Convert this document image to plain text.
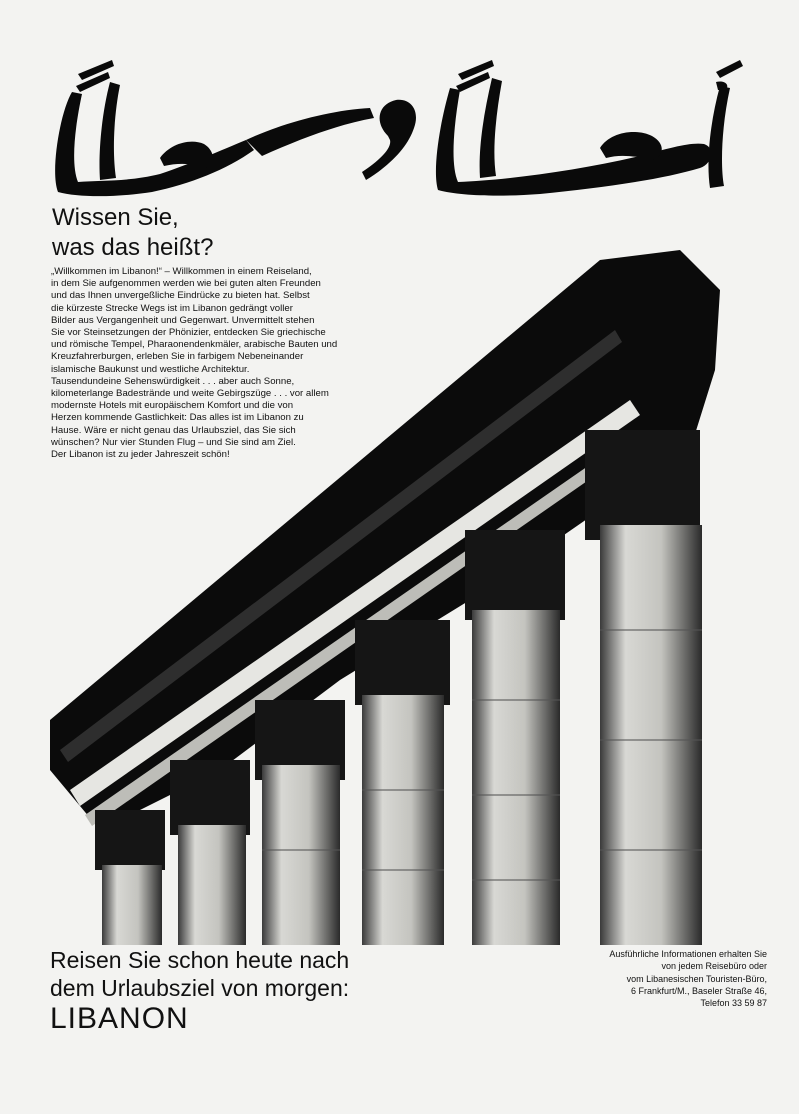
Wissen Sie,
was das heißt?
„Willkommen im Libanon!“ – Willkommen in einem Reiseland,
in dem Sie aufgenommen werden wie bei guten alten Freunden
und das Ihnen unvergeßliche Eindrücke zu bieten hat. Selbst
die kürzeste Strecke Wegs ist im Libanon gedrängt voller
Bilder aus Vergangenheit und Gegenwart. Unvermittelt stehen
Sie vor Steinsetzungen der Phönizier, entdecken Sie griechische
und römische Tempel, Pharaonendenkmäler, arabische Bauten und
Kreuzfahrerburgen, erleben Sie in farbigem Nebeneinander
islamische Baukunst und westliche Architektur.
Tausendundeine Sehenswürdigkeit . . . aber auch Sonne,
kilometerlange Badestrände und weite Gebirgszüge . . . vor allem
modernste Hotels mit europäischem Komfort und die von
Herzen kommende Gastlichkeit: Das alles ist im Libanon zu
Hause. Wäre er nicht genau das Urlaubsziel, das Sie sich
wünschen? Nur vier Stunden Flug – und Sie sind am Ziel.
Der Libanon ist zu jeder Jahreszeit schön!
Reisen Sie schon heute nach
dem Urlaubsziel von morgen:
LIBANON
Ausführliche Informationen erhalten Sie
von jedem Reisebüro oder
vom Libanesischen Touristen-Büro,
6 Frankfurt/M., Baseler Straße 46,
Telefon 33 59 87
